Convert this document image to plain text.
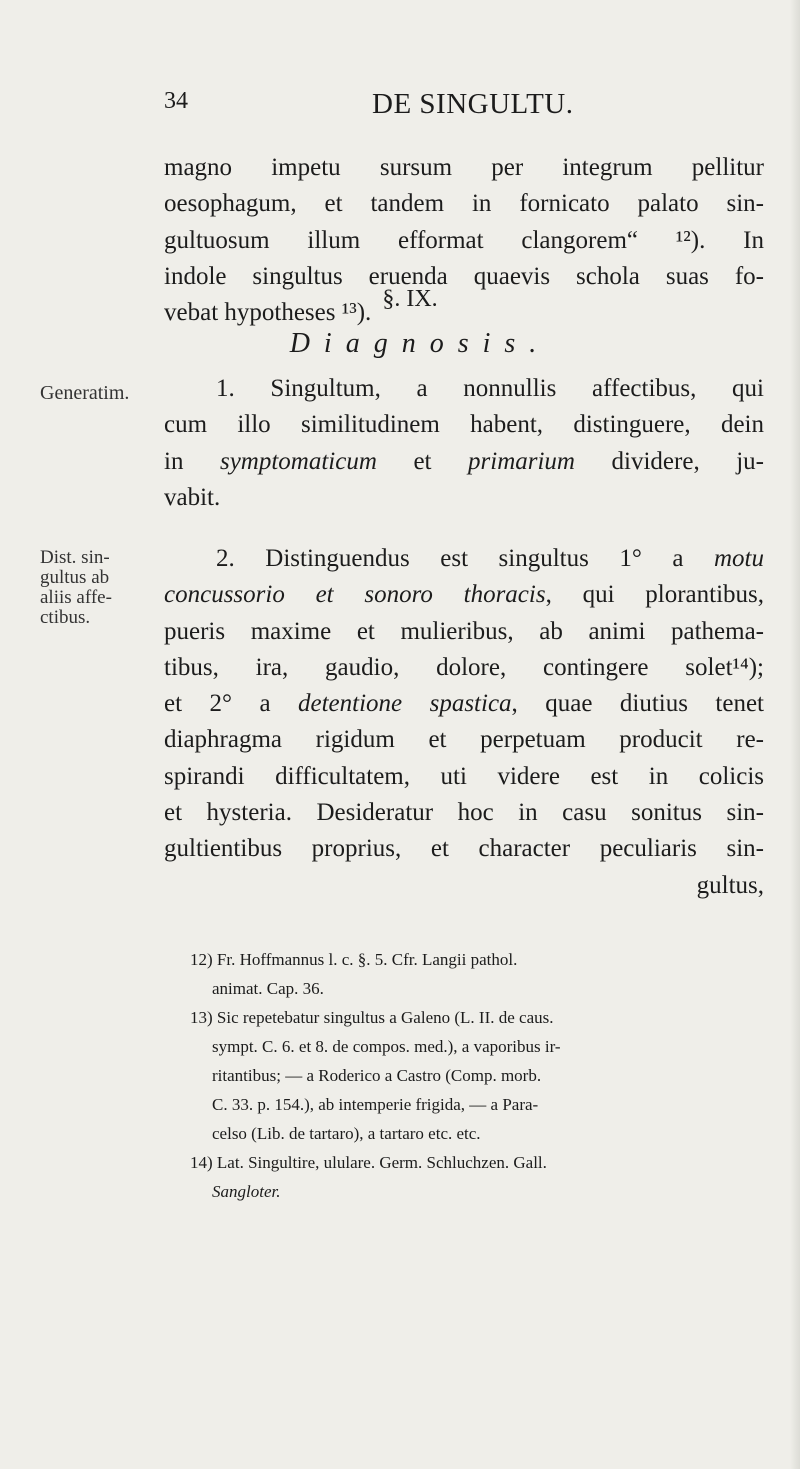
34	DE SINGULTU.
magno impetu sursum per integrum pellitur
oesophagum, et tandem in fornicato palato sin-
gultuosum illum efformat clangorem“ ¹²). In
indole singultus eruenda quaevis schola suas fo-
vebat hypotheses ¹³).
§. IX.
Diagnosis.
Generatim.	1. Singultum, a nonnullis affectibus, qui
cum illo similitudinem habent, distinguere, dein
in symptomaticum et primarium dividere, ju-
vabit.
Dist. sin-
gultus ab
aliis affe-
ctibus.
2. Distinguendus est singultus 1° a motu
concussorio et sonoro thoracis, qui plorantibus,
pueris maxime et mulieribus, ab animi pathema-
tibus, ira, gaudio, dolore, contingere solet¹⁴);
et 2° a detentione spastica, quae diutius tenet
diaphragma rigidum et perpetuam producit re-
spirandi difficultatem, uti videre est in colicis
et hysteria. Desideratur hoc in casu sonitus sin-
gultientibus proprius, et character peculiaris sin-
gultus,
12) Fr. Hoffmannus l. c. §. 5. Cfr. Langii pathol.
animat. Cap. 36.
13) Sic repetebatur singultus a Galeno (L. II. de caus.
sympt. C. 6. et 8. de compos. med.), a vaporibus ir-
ritantibus; — a Roderico a Castro (Comp. morb.
C. 33. p. 154.), ab intemperie frigida, — a Para-
celso (Lib. de tartaro), a tartaro etc. etc.
14) Lat. Singultire, ululare. Germ. Schluchzen. Gall.
Sangloter.
